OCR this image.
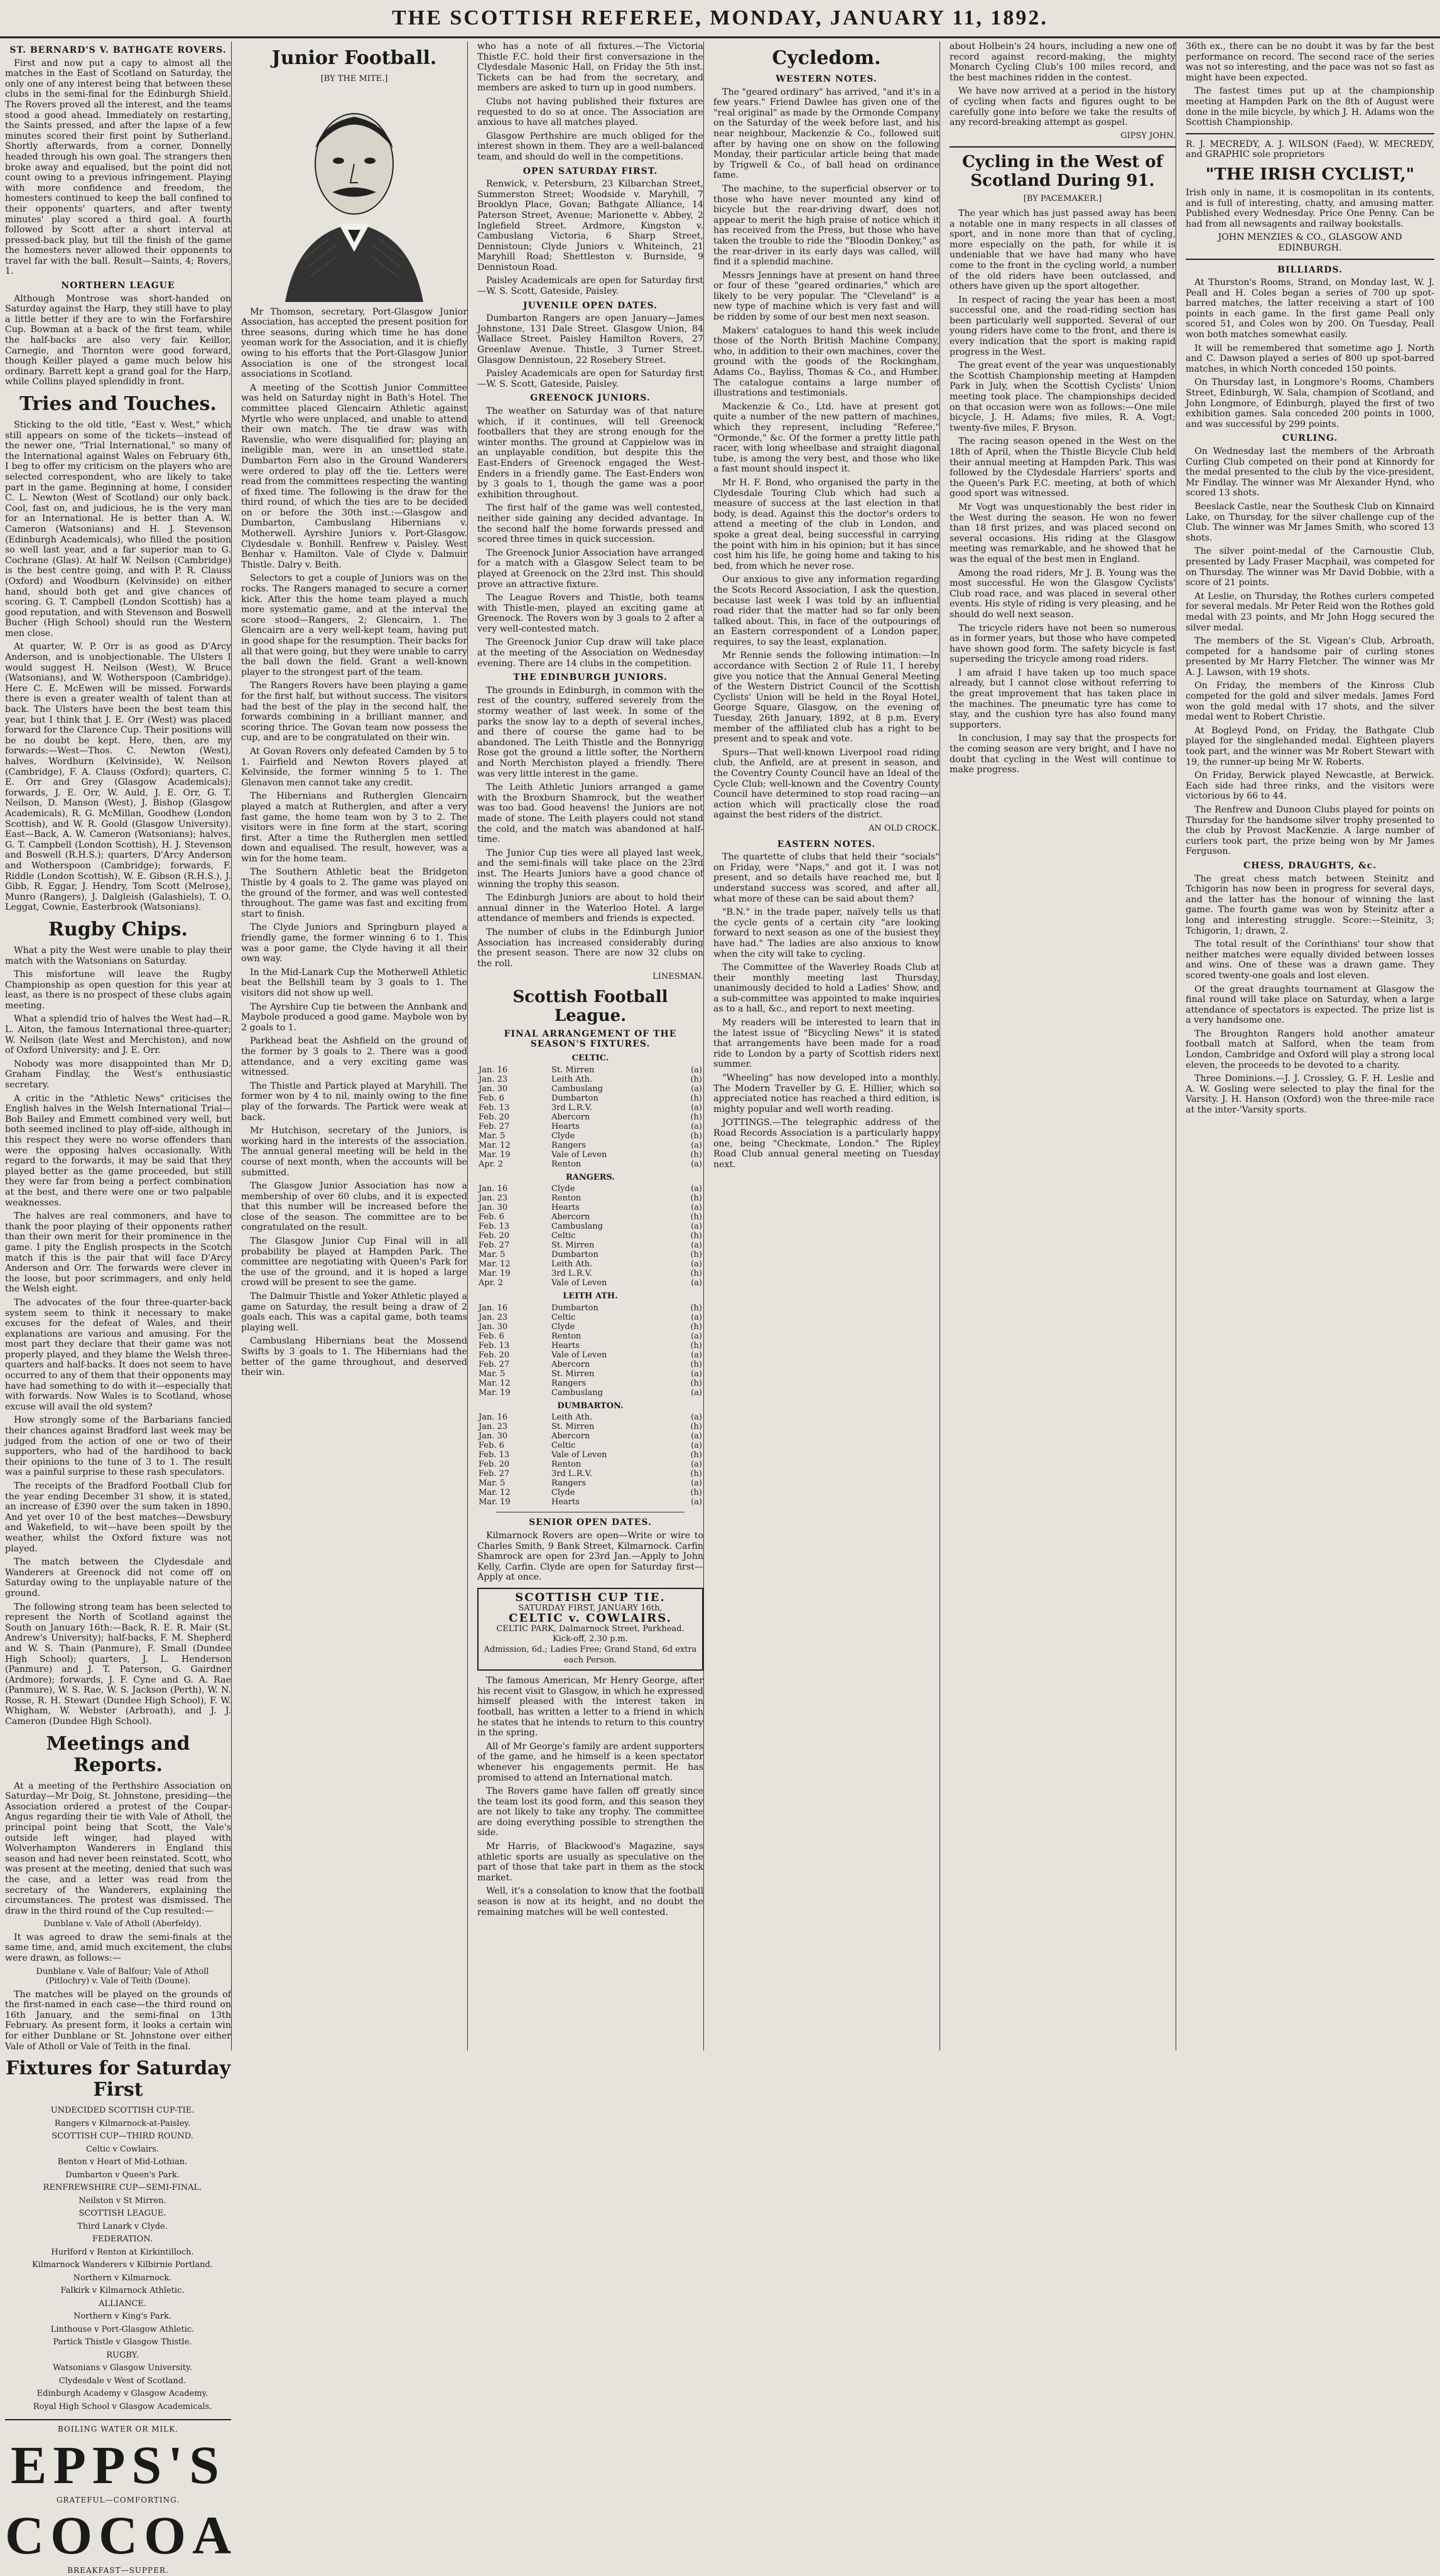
THE SCOTTISH REFEREE, MONDAY, JANUARY 11, 1892.
ST. BERNARD'S V. BATHGATE ROVERS.

First and now put a capy to almost all the matches in the East of Scotland on Saturday, the only one of any interest being that between these clubs in the semi-final for the Edinburgh Shield. The Rovers proved all the interest, and the teams stood a good ahead. Immediately on restarting, the Saints pressed, and after the lapse of a few minutes scored their first point by Sutherland. Shortly afterwards, from a corner, Donnelly headed through his own goal. The strangers then broke away and equalised, but the point did not count owing to a previous infringement. Playing with more confidence and freedom, the homesters continued to keep the ball confined to their opponents' quarters, and after twenty minutes' play scored a third goal. A fourth followed by Scott after a short interval at pressed-back play, but till the finish of the game the homesters never allowed their opponents to travel far with the ball. Result—Saints, 4; Rovers, 1.

NORTHERN LEAGUE

Although Montrose was short-handed on Saturday against the Harp, they still have to play a little better if they are to win the Forfarshire Cup. Bowman at a back of the first team, while the half-backs are also very fair. Keillor, Carnegie, and Thornton were good forward, though Keiller played a game much below his ordinary. Barrett kept a grand goal for the Harp, while Collins played splendidly in front.

Tries and Touches.

Sticking to the old title, "East v. West," which still appears on some of the tickets—instead of the newer one, "Trial International," so many of the International against Wales on February 6th, I beg to offer my criticism on the players who are selected correspondent, who are likely to take part in the game. Beginning at home, I consider C. L. Newton (West of Scotland) our only back. Cool, fast on, and judicious, he is the very man for an International. He is better than A. W. Cameron (Watsonians) and H. J. Stevenson (Edinburgh Academicals), who filled the position so well last year, and a far superior man to G. Cochrane (Glas). At half W. Neilson (Cambridge) is the best centre going, and with P. R. Clauss (Oxford) and Woodburn (Kelvinside) on either hand, should both get and give chances of scoring. G. T. Campbell (London Scottish) has a good reputation, and with Stevenson and Boswell Bucher (High School) should run the Western men close.

At quarter, W. P. Orr is as good as D'Arcy Anderson, and is unobjectionable. The Ulsters I would suggest H. Neilson (West), W. Bruce (Watsonians), and W. Wotherspoon (Cambridge). Here C. E. McEwen will be missed. Forwards there is even a greater wealth of talent than at back. The Ulsters have been the best team this year, but I think that J. E. Orr (West) was placed forward for the Clarence Cup. Their positions will be no doubt be kept. Here, then, are my forwards:—West—Thos. C. Newton (West), halves, Wordburn (Kelvinside), W. Neilson (Cambridge), F. A. Clauss (Oxford); quarters, C. E. Orr and Grey (Glasgow Academicals); forwards, J. E. Orr, W. Auld, J. E. Orr, G. T. Neilson, D. Manson (West), J. Bishop (Glasgow Academicals), R. G. McMillan, Goodhew (London Scottish), and W. R. Goold (Glasgow University). East—Back, A. W. Cameron (Watsonians); halves, G. T. Campbell (London Scottish), H. J. Stevenson and Boswell (R.H.S.); quarters, D'Arcy Anderson and Wotherspoon (Cambridge); forwards, F. Riddle (London Scottish), W. E. Gibson (R.H.S.), J. Gibb, R. Eggar, J. Hendry, Tom Scott (Melrose), Munro (Rangers), J. Dalgleish (Galashiels), T. O. Leggat, Cownie, Easterbrook (Watsonians).

Rugby Chips.

What a pity the West were unable to play their match with the Watsonians on Saturday.

This misfortune will leave the Rugby Championship as open question for this year at least, as there is no prospect of these clubs again meeting.

What a splendid trio of halves the West had—R. L. Aiton, the famous International three-quarter; W. Neilson (late West and Merchiston), and now of Oxford University; and J. E. Orr.

Nobody was more disappointed than Mr D. Graham Findlay, the West's enthusiastic secretary.

A critic in the "Athletic News" criticises the English halves in the Welsh International Trial—Bob Bailey and Emmett combined very well, but both seemed inclined to play off-side, although in this respect they were no worse offenders than were the opposing halves occasionally. With regard to the forwards, it may be said that they played better as the game proceeded, but still they were far from being a perfect combination at the best, and there were one or two palpable weaknesses.

The halves are real commoners, and have to thank the poor playing of their opponents rather than their own merit for their prominence in the game. I pity the English prospects in the Scotch match if this is the pair that will face D'Arcy Anderson and Orr. The forwards were clever in the loose, but poor scrimmagers, and only held the Welsh eight.

The advocates of the four three-quarter-back system seem to think it necessary to make excuses for the defeat of Wales, and their explanations are various and amusing. For the most part they declare that their game was not properly played, and they blame the Welsh three-quarters and half-backs. It does not seem to have occurred to any of them that their opponents may have had something to do with it—especially that with forwards. Now Wales is to Scotland, whose excuse will avail the old system?

How strongly some of the Barbarians fancied their chances against Bradford last week may be judged from the action of one or two of their supporters, who had of the hardihood to back their opinions to the tune of 3 to 1. The result was a painful surprise to these rash speculators.

The receipts of the Bradford Football Club for the year ending December 31 show, it is stated, an increase of £390 over the sum taken in 1890. And yet over 10 of the best matches—Dewsbury and Wakefield, to wit—have been spoilt by the weather, whilst the Oxford fixture was not played.

The match between the Clydesdale and Wanderers at Greenock did not come off on Saturday owing to the unplayable nature of the ground.

The following strong team has been selected to represent the North of Scotland against the South on January 16th:—Back, R. E. R. Mair (St. Andrew's University); half-backs, F. M. Shepherd and W. S. Thain (Panmure), F. Small (Dundee High School); quarters, J. L. Henderson (Panmure) and J. T. Paterson, G. Gairdner (Ardmore); forwards, J. F. Cyne and G. A. Rae (Panmure), W. S. Rae, W. S. Jackson (Perth), W. N. Rosse, R. H. Stewart (Dundee High School), F. W. Whigham, W. Webster (Arbroath), and J. J. Cameron (Dundee High School).

Meetings and Reports.

At a meeting of the Perthshire Association on Saturday—Mr Doig, St. Johnstone, presiding—the Association ordered a protest of the Coupar-Angus regarding their tie with Vale of Atholl, the principal point being that Scott, the Vale's outside left winger, had played with Wolverhampton Wanderers in England this season and had never been reinstated. Scott, who was present at the meeting, denied that such was the case, and a letter was read from the secretary of the Wanderers, explaining the circumstances. The protest was dismissed. The draw in the third round of the Cup resulted:—

Dunblane v. Vale of Atholl (Aberfeldy).

It was agreed to draw the semi-finals at the same time, and, amid much excitement, the clubs were drawn, as follows:—

Dunblane v. Vale of Balfour; Vale of Atholl (Pitlochry) v. Vale of Teith (Doune).

The matches will be played on the grounds of the first-named in each case—the third round on 16th January, and the semi-final on 13th February. As present form, it looks a certain win for either Dunblane or St. Johnstone over either Vale of Atholl or Vale of Teith in the final.

Fixtures for Saturday First

UNDECIDED SCOTTISH CUP-TIE.

Rangers v Kilmarnock-at-Paisley.

SCOTTISH CUP—THIRD ROUND.

Celtic v Cowlairs.

Benton v Heart of Mid-Lothian.

Dumbarton v Queen's Park.

RENFREWSHIRE CUP—SEMI-FINAL.

Neilston v St Mirren.

SCOTTISH LEAGUE.

Third Lanark v Clyde.

FEDERATION.

Hurlford v Renton at Kirkintilloch.

Kilmarnock Wanderers v Kilbirnie Portland.

Northern v Kilmarnock.

Falkirk v Kilmarnock Athletic.

ALLIANCE.

Northern v King's Park.

Linthouse v Port-Glasgow Athletic.

Partick Thistle v Glasgow Thistle.

RUGBY.

Watsonians v Glasgow University.

Clydesdale v West of Scotland.

Edinburgh Academy v Glasgow Academy.

Royal High School v Glasgow Academicals.

BOILING WATER OR MILK.
EPPS'S
GRATEFUL—COMFORTING.
COCOA
BREAKFAST—SUPPER.
Junior Football.
[BY THE MITE.]

Mr Thomson, secretary, Port-Glasgow Junior Association, has accepted the present position for three seasons, during which time he has done yeoman work for the Association, and it is chiefly owing to his efforts that the Port-Glasgow Junior Association is one of the strongest local associations in Scotland.

A meeting of the Scottish Junior Committee was held on Saturday night in Bath's Hotel. The committee placed Glencairn Athletic against Myrtle who were unplaced, and unable to attend their own match. The tie draw was with Ravenslie, who were disqualified for; playing an ineligible man, were in an unsettled state. Dumbarton Fern also in the Ground Wanderers were ordered to play off the tie. Letters were read from the committees respecting the wanting of fixed time. The following is the draw for the third round, of which the ties are to be decided on or before the 30th inst.:—Glasgow and Dumbarton, Cambuslang Hibernians v. Motherwell. Ayrshire Juniors v. Port-Glasgow. Clydesdale v. Bonhill. Renfrew v. Paisley. West Benhar v. Hamilton. Vale of Clyde v. Dalmuir Thistle. Dalry v. Beith.

Selectors to get a couple of Juniors was on the rocks. The Rangers managed to secure a corner kick. After this the home team played a much more systematic game, and at the interval the score stood—Rangers, 2; Glencairn, 1. The Glencairn are a very well-kept team, having put in good shape for the resumption. Their backs for all that were going, but they were unable to carry the ball down the field. Grant a well-known player to the strongest part of the team.

The Rangers Rovers have been playing a game for the first half, but without success. The visitors had the best of the play in the second half, the forwards combining in a brilliant manner, and scoring thrice. The Govan team now possess the cup, and are to be congratulated on their win.

At Govan Rovers only defeated Camden by 5 to 1. Fairfield and Newton Rovers played at Kelvinside, the former winning 5 to 1. The Glenavon men cannot take any credit.

The Hibernians and Rutherglen Glencairn played a match at Rutherglen, and after a very fast game, the home team won by 3 to 2. The visitors were in fine form at the start, scoring first. After a time the Rutherglen men settled down and equalised. The result, however, was a win for the home team.

The Southern Athletic beat the Bridgeton Thistle by 4 goals to 2. The game was played on the ground of the former, and was well contested throughout. The game was fast and exciting from start to finish.

The Clyde Juniors and Springburn played a friendly game, the former winning 6 to 1. This was a poor game, the Clyde having it all their own way.

In the Mid-Lanark Cup the Motherwell Athletic beat the Bellshill team by 3 goals to 1. The visitors did not show up well.

The Ayrshire Cup tie between the Annbank and Maybole produced a good game. Maybole won by 2 goals to 1.

Parkhead beat the Ashfield on the ground of the former by 3 goals to 2. There was a good attendance, and a very exciting game was witnessed.

The Thistle and Partick played at Maryhill. The former won by 4 to nil, mainly owing to the fine play of the forwards. The Partick were weak at back.

Mr Hutchison, secretary of the Juniors, is working hard in the interests of the association. The annual general meeting will be held in the course of next month, when the accounts will be submitted.

The Glasgow Junior Association has now a membership of over 60 clubs, and it is expected that this number will be increased before the close of the season. The committee are to be congratulated on the result.

The Glasgow Junior Cup Final will in all probability be played at Hampden Park. The committee are negotiating with Queen's Park for the use of the ground, and it is hoped a large crowd will be present to see the game.

The Dalmuir Thistle and Yoker Athletic played a game on Saturday, the result being a draw of 2 goals each. This was a capital game, both teams playing well.

Cambuslang Hibernians beat the Mossend Swifts by 3 goals to 1. The Hibernians had the better of the game throughout, and deserved their win.

who has a note of all fixtures.—The Victoria Thistle F.C. hold their first conversazione in the Clydesdale Masonic Hall, on Friday the 5th inst. Tickets can be had from the secretary, and members are asked to turn up in good numbers.

Clubs not having published their fixtures are requested to do so at once. The Association are anxious to have all matches played.

Glasgow Perthshire are much obliged for the interest shown in them. They are a well-balanced team, and should do well in the competitions.

OPEN SATURDAY FIRST.

Renwick, v. Petersburn, 23 Kilbarchan Street, Summerston Street; Woodside v. Maryhill, 7 Brooklyn Place, Govan; Bathgate Alliance, 14 Paterson Street, Avenue; Marionette v. Abbey, 2 Inglefield Street. Ardmore, Kingston v. Cambuslang Victoria, 6 Sharp Street, Dennistoun; Clyde Juniors v. Whiteinch, 21 Maryhill Road; Shettleston v. Burnside, 9 Dennistoun Road.

Paisley Academicals are open for Saturday first—W. S. Scott, Gateside, Paisley.

JUVENILE OPEN DATES.

Dumbarton Rangers are open January—James Johnstone, 131 Dale Street. Glasgow Union, 84 Wallace Street. Paisley Hamilton Rovers, 27 Greenlaw Avenue. Thistle, 3 Turner Street. Glasgow Dennistoun, 22 Rosebery Street.

Paisley Academicals are open for Saturday first—W. S. Scott, Gateside, Paisley.

GREENOCK JUNIORS.

The weather on Saturday was of that nature which, if it continues, will tell Greenock footballers that they are strong enough for the winter months. The ground at Cappielow was in an unplayable condition, but despite this the East-Enders of Greenock engaged the West-Enders in a friendly game. The East-Enders won by 3 goals to 1, though the game was a poor exhibition throughout.

The first half of the game was well contested, neither side gaining any decided advantage. In the second half the home forwards pressed and scored three times in quick succession.

The Greenock Junior Association have arranged for a match with a Glasgow Select team to be played at Greenock on the 23rd inst. This should prove an attractive fixture.

The League Rovers and Thistle, both teams with Thistle-men, played an exciting game at Greenock. The Rovers won by 3 goals to 2 after a very well-contested match.

The Greenock Junior Cup draw will take place at the meeting of the Association on Wednesday evening. There are 14 clubs in the competition.

THE EDINBURGH JUNIORS.

The grounds in Edinburgh, in common with the rest of the country, suffered severely from the stormy weather of last week. In some of the parks the snow lay to a depth of several inches, and there of course the game had to be abandoned. The Leith Thistle and the Bonnyrigg Rose got the ground a little softer, the Northern and North Merchiston played a friendly. There was very little interest in the game.

The Leith Athletic Juniors arranged a game with the Broxburn Shamrock, but the weather was too bad. Good heavens! the Juniors are not made of stone. The Leith players could not stand the cold, and the match was abandoned at half-time.

The Junior Cup ties were all played last week, and the semi-finals will take place on the 23rd inst. The Hearts Juniors have a good chance of winning the trophy this season.

The Edinburgh Juniors are about to hold their annual dinner in the Waterloo Hotel. A large attendance of members and friends is expected.

The number of clubs in the Edinburgh Junior Association has increased considerably during the present season. There are now 32 clubs on the roll.

LINESMAN.
Scottish Football League.
FINAL ARRANGEMENT OF THE SEASON'S FIXTURES.
CELTIC.
Jan. 16	St. Mirren	(a)
Jan. 23	Leith Ath.	(h)
Jan. 30	Cambuslang	(a)
Feb. 6	Dumbarton	(h)
Feb. 13	3rd L.R.V.	(a)
Feb. 20	Abercorn	(h)
Feb. 27	Hearts	(a)
Mar. 5	Clyde	(h)
Mar. 12	Rangers	(a)
Mar. 19	Vale of Leven	(h)
Apr. 2	Renton	(a)
RANGERS.
Jan. 16	Clyde	(a)
Jan. 23	Renton	(h)
Jan. 30	Hearts	(a)
Feb. 6	Abercorn	(h)
Feb. 13	Cambuslang	(a)
Feb. 20	Celtic	(h)
Feb. 27	St. Mirren	(a)
Mar. 5	Dumbarton	(h)
Mar. 12	Leith Ath.	(a)
Mar. 19	3rd L.R.V.	(h)
Apr. 2	Vale of Leven	(a)
LEITH ATH.
Jan. 16	Dumbarton	(h)
Jan. 23	Celtic	(a)
Jan. 30	Clyde	(h)
Feb. 6	Renton	(a)
Feb. 13	Hearts	(h)
Feb. 20	Vale of Leven	(a)
Feb. 27	Abercorn	(h)
Mar. 5	St. Mirren	(a)
Mar. 12	Rangers	(h)
Mar. 19	Cambuslang	(a)
DUMBARTON.
Jan. 16	Leith Ath.	(a)
Jan. 23	St. Mirren	(h)
Jan. 30	Abercorn	(a)
Feb. 6	Celtic	(a)
Feb. 13	Vale of Leven	(h)
Feb. 20	Renton	(a)
Feb. 27	3rd L.R.V.	(h)
Mar. 5	Rangers	(a)
Mar. 12	Clyde	(h)
Mar. 19	Hearts	(a)
SENIOR OPEN DATES.

Kilmarnock Rovers are open—Write or wire to Charles Smith, 9 Bank Street, Kilmarnock. Carfin Shamrock are open for 23rd Jan.—Apply to John Kelly, Carfin. Clyde are open for Saturday first—Apply at once.

SCOTTISH CUP TIE.
SATURDAY FIRST, JANUARY 16th,
CELTIC v. COWLAIRS.
CELTIC PARK, Dalmarnock Street, Parkhead.
Kick-off, 2.30 p.m.
Admission, 6d.; Ladies Free; Grand Stand, 6d extra each Person.

The famous American, Mr Henry George, after his recent visit to Glasgow, in which he expressed himself pleased with the interest taken in football, has written a letter to a friend in which he states that he intends to return to this country in the spring.

All of Mr George's family are ardent supporters of the game, and he himself is a keen spectator whenever his engagements permit. He has promised to attend an International match.

The Rovers game have fallen off greatly since the team lost its good form, and this season they are not likely to take any trophy. The committee are doing everything possible to strengthen the side.

Mr Harris, of Blackwood's Magazine, says athletic sports are usually as speculative on the part of those that take part in them as the stock market.

Well, it's a consolation to know that the football season is now at its height, and no doubt the remaining matches will be well contested.

Cycledom.
WESTERN NOTES.

The "geared ordinary" has arrived, "and it's in a few years." Friend Dawlee has given one of the "real original" as made by the Ormonde Company on the Saturday of the week before last, and his near neighbour, Mackenzie & Co., followed suit after by having one on show on the following Monday, their particular article being that made by Trigwell & Co., of ball head on ordinance fame.

The machine, to the superficial observer or to those who have never mounted any kind of bicycle but the rear-driving dwarf, does not appear to merit the high praise of notice which it has received from the Press, but those who have taken the trouble to ride the "Bloodin Donkey," as the rear-driver in its early days was called, will find it a splendid machine.

Messrs Jennings have at present on hand three or four of these "geared ordinaries," which are likely to be very popular. The "Cleveland" is a new type of machine which is very fast and will be ridden by some of our best men next season.

Makers' catalogues to hand this week include those of the North British Machine Company, who, in addition to their own machines, cover the ground with the goods of the Rockingham, Adams Co., Bayliss, Thomas & Co., and Humber. The catalogue contains a large number of illustrations and testimonials.

Mackenzie & Co., Ltd. have at present got quite a number of the new pattern of machines, which they represent, including "Referee," "Ormonde," &c. Of the former a pretty little path racer, with long wheelbase and straight diagonal tube, is among the very best, and those who like a fast mount should inspect it.

Mr H. F. Bond, who organised the party in the Clydesdale Touring Club which had such a measure of success at the last election in that body, is dead. Against this the doctor's orders to attend a meeting of the club in London, and spoke a great deal, being successful in carrying the point with him in his opinion; but it has since cost him his life, he going home and taking to his bed, from which he never rose.

Our anxious to give any information regarding the Scots Record Association, I ask the question, because last week I was told by an influential road rider that the matter had so far only been talked about. This, in face of the outpourings of an Eastern correspondent of a London paper, requires, to say the least, explanation.

Mr Rennie sends the following intimation:—In accordance with Section 2 of Rule 11, I hereby give you notice that the Annual General Meeting of the Western District Council of the Scottish Cyclists' Union will be held in the Royal Hotel, George Square, Glasgow, on the evening of Tuesday, 26th January, 1892, at 8 p.m. Every member of the affiliated club has a right to be present and to speak and vote.

Spurs—That well-known Liverpool road riding club, the Anfield, are at present in season, and the Coventry County Council have an Ideal of the Cycle Club; well-known and the Coventry County Council have determined to stop road racing—an action which will practically close the road against the best riders of the district.

AN OLD CROCK.
EASTERN NOTES.

The quartette of clubs that held their "socials" on Friday, were "Naps," and got it. I was not present, and so details have reached me, but I understand success was scored, and after all, what more of these can be said about them?

"B.N." in the trade paper, naïvely tells us that the cycle gents of a certain city "are looking forward to next season as one of the busiest they have had." The ladies are also anxious to know when the city will take to cycling.

The Committee of the Waverley Roads Club at their monthly meeting last Thursday, unanimously decided to hold a Ladies' Show, and a sub-committee was appointed to make inquiries as to a hall, &c., and report to next meeting.

My readers will be interested to learn that in the latest issue of "Bicycling News" it is stated that arrangements have been made for a road ride to London by a party of Scottish riders next summer.

"Wheeling" has now developed into a monthly. The Modern Traveller by G. E. Hillier, which so appreciated notice has reached a third edition, is mighty popular and well worth reading.

JOTTINGS.—The telegraphic address of the Road Records Association is a particularly happy one, being "Checkmate, London." The Ripley Road Club annual general meeting on Tuesday next.

about Holbein's 24 hours, including a new one of record against record-making, the mighty Monarch Cycling Club's 100 miles record, and the best machines ridden in the contest.

We have now arrived at a period in the history of cycling when facts and figures ought to be carefully gone into before we take the results of any record-breaking attempt as gospel.

GIPSY JOHN.
Cycling in the West of Scotland During 91.
[BY PACEMAKER.]

The year which has just passed away has been a notable one in many respects in all classes of sport, and in none more than that of cycling, more especially on the path, for while it is undeniable that we have had many who have come to the front in the cycling world, a number of the old riders have been outclassed, and others have given up the sport altogether.

In respect of racing the year has been a most successful one, and the road-riding section has been particularly well supported. Several of our young riders have come to the front, and there is every indication that the sport is making rapid progress in the West.

The great event of the year was unquestionably the Scottish Championship meeting at Hampden Park in July, when the Scottish Cyclists' Union meeting took place. The championships decided on that occasion were won as follows:—One mile bicycle, J. H. Adams; five miles, R. A. Vogt; twenty-five miles, F. Bryson.

The racing season opened in the West on the 18th of April, when the Thistle Bicycle Club held their annual meeting at Hampden Park. This was followed by the Clydesdale Harriers' sports and the Queen's Park F.C. meeting, at both of which good sport was witnessed.

Mr Vogt was unquestionably the best rider in the West during the season. He won no fewer than 18 first prizes, and was placed second on several occasions. His riding at the Glasgow meeting was remarkable, and he showed that he was the equal of the best men in England.

Among the road riders, Mr J. B. Young was the most successful. He won the Glasgow Cyclists' Club road race, and was placed in several other events. His style of riding is very pleasing, and he should do well next season.

The tricycle riders have not been so numerous as in former years, but those who have competed have shown good form. The safety bicycle is fast superseding the tricycle among road riders.

I am afraid I have taken up too much space already, but I cannot close without referring to the great improvement that has taken place in the machines. The pneumatic tyre has come to stay, and the cushion tyre has also found many supporters.

In conclusion, I may say that the prospects for the coming season are very bright, and I have no doubt that cycling in the West will continue to make progress.

36th ex., there can be no doubt it was by far the best performance on record. The second race of the series was not so interesting, and the pace was not so fast as might have been expected.

The fastest times put up at the championship meeting at Hampden Park on the 8th of August were done in the mile bicycle, by which J. H. Adams won the Scottish Championship.

R. J. MECREDY, A. J. WILSON (Faed), W. MECREDY, and GRAPHIC sole proprietors

"THE IRISH CYCLIST,"

Irish only in name, it is cosmopolitan in its contents, and is full of interesting, chatty, and amusing matter. Published every Wednesday. Price One Penny. Can be had from all newsagents and railway bookstalls.

JOHN MENZIES & CO., GLASGOW AND EDINBURGH.

BILLIARDS.

At Thurston's Rooms, Strand, on Monday last, W. J. Peall and H. Coles began a series of 700 up spot-barred matches, the latter receiving a start of 100 points in each game. In the first game Peall only scored 51, and Coles won by 200. On Tuesday, Peall won both matches somewhat easily.

It will be remembered that sometime ago J. North and C. Dawson played a series of 800 up spot-barred matches, in which North conceded 150 points.

On Thursday last, in Longmore's Rooms, Chambers Street, Edinburgh, W. Sala, champion of Scotland, and John Longmore, of Edinburgh, played the first of two exhibition games. Sala conceded 200 points in 1000, and was successful by 299 points.

CURLING.

On Wednesday last the members of the Arbroath Curling Club competed on their pond at Kinnordy for the medal presented to the club by the vice-president, Mr Findlay. The winner was Mr Alexander Hynd, who scored 13 shots.

Beeslack Castle, near the Southesk Club on Kinnaird Lake, on Thursday, for the silver challenge cup of the Club. The winner was Mr James Smith, who scored 13 shots.

The silver point-medal of the Carnoustie Club, presented by Lady Fraser Macphail, was competed for on Thursday. The winner was Mr David Dobbie, with a score of 21 points.

At Leslie, on Thursday, the Rothes curlers competed for several medals. Mr Peter Reid won the Rothes gold medal with 23 points, and Mr John Hogg secured the silver medal.

The members of the St. Vigean's Club, Arbroath, competed for a handsome pair of curling stones presented by Mr Harry Fletcher. The winner was Mr A. J. Lawson, with 19 shots.

On Friday, the members of the Kinross Club competed for the gold and silver medals. James Ford won the gold medal with 17 shots, and the silver medal went to Robert Christie.

At Bogleyd Pond, on Friday, the Bathgate Club played for the singlehanded medal. Eighteen players took part, and the winner was Mr Robert Stewart with 19, the runner-up being Mr W. Roberts.

On Friday, Berwick played Newcastle, at Berwick. Each side had three rinks, and the visitors were victorious by 66 to 44.

The Renfrew and Dunoon Clubs played for points on Thursday for the handsome silver trophy presented to the club by Provost MacKenzie. A large number of curlers took part, the prize being won by Mr James Ferguson.

CHESS, DRAUGHTS, &c.

The great chess match between Steinitz and Tchigorin has now been in progress for several days, and the latter has the honour of winning the last game. The fourth game was won by Steinitz after a long and interesting struggle. Score:—Steinitz, 3; Tchigorin, 1; drawn, 2.

The total result of the Corinthians' tour show that neither matches were equally divided between losses and wins. One of these was a drawn game. They scored twenty-one goals and lost eleven.

Of the great draughts tournament at Glasgow the final round will take place on Saturday, when a large attendance of spectators is expected. The prize list is a very handsome one.

The Broughton Rangers hold another amateur football match at Salford, when the team from London, Cambridge and Oxford will play a strong local eleven, the proceeds to be devoted to a charity.

Three Dominions.—J. J. Crossley, G. F. H. Leslie and A. W. Gosling were selected to play the final for the Varsity. J. H. Hanson (Oxford) won the three-mile race at the inter-'Varsity sports.
